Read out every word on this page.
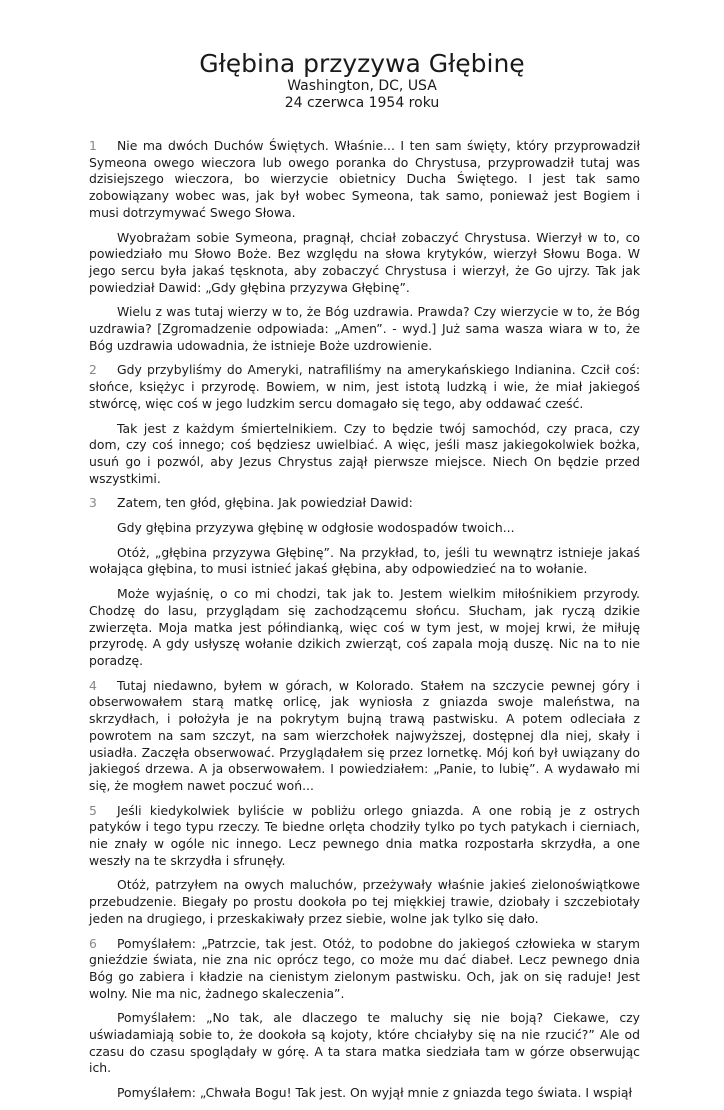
Głębina przyzywa Głębinę
Washington, DC, USA
24 czerwca 1954 roku

1 Nie ma dwóch Duchów Świętych. Właśnie... I ten sam święty, który przyprowadził Symeona owego wieczora lub owego poranka do Chrystusa, przyprowadził tutaj was dzisiejszego wieczora, bo wierzycie obietnicy Ducha Świętego. I jest tak samo zobowiązany wobec was, jak był wobec Symeona, tak samo, ponieważ jest Bogiem i musi dotrzymywać Swego Słowa.

Wyobrażam sobie Symeona, pragnął, chciał zobaczyć Chrystusa. Wierzył w to, co powiedziało mu Słowo Boże. Bez względu na słowa krytyków, wierzył Słowu Boga. W jego sercu była jakaś tęsknota, aby zobaczyć Chrystusa i wierzył, że Go ujrzy. Tak jak powiedział Dawid: „Gdy głębina przyzywa Głębinę”.

Wielu z was tutaj wierzy w to, że Bóg uzdrawia. Prawda? Czy wierzycie w to, że Bóg uzdrawia? [Zgromadzenie odpowiada: „Amen”. - wyd.] Już sama wasza wiara w to, że Bóg uzdrawia udowadnia, że istnieje Boże uzdrowienie.

2 Gdy przybyliśmy do Ameryki, natrafiliśmy na amerykańskiego Indianina. Czcił coś: słońce, księżyc i przyrodę. Bowiem, w nim, jest istotą ludzką i wie, że miał jakiegoś stwórcę, więc coś w jego ludzkim sercu domagało się tego, aby oddawać cześć.

Tak jest z każdym śmiertelnikiem. Czy to będzie twój samochód, czy praca, czy dom, czy coś innego; coś będziesz uwielbiać. A więc, jeśli masz jakiegokolwiek bożka, usuń go i pozwól, aby Jezus Chrystus zajął pierwsze miejsce. Niech On będzie przed wszystkimi.

3 Zatem, ten głód, głębina. Jak powiedział Dawid:

Gdy głębina przyzywa głębinę w odgłosie wodospadów twoich...

Otóż, „głębina przyzywa Głębinę”. Na przykład, to, jeśli tu wewnątrz istnieje jakaś wołająca głębina, to musi istnieć jakaś głębina, aby odpowiedzieć na to wołanie.

Może wyjaśnię, o co mi chodzi, tak jak to. Jestem wielkim miłośnikiem przyrody. Chodzę do lasu, przyglądam się zachodzącemu słońcu. Słucham, jak ryczą dzikie zwierzęta. Moja matka jest półindianką, więc coś w tym jest, w mojej krwi, że miłuję przyrodę. A gdy usłyszę wołanie dzikich zwierząt, coś zapala moją duszę. Nic na to nie poradzę.

4 Tutaj niedawno, byłem w górach, w Kolorado. Stałem na szczycie pewnej góry i obserwowałem starą matkę orlicę, jak wyniosła z gniazda swoje maleństwa, na skrzydłach, i położyła je na pokrytym bujną trawą pastwisku. A potem odleciała z powrotem na sam szczyt, na sam wierzchołek najwyższej, dostępnej dla niej, skały i usiadła. Zaczęła obserwować. Przyglądałem się przez lornetkę. Mój koń był uwiązany do jakiegoś drzewa. A ja obserwowałem. I powiedziałem: „Panie, to lubię”. A wydawało mi się, że mogłem nawet poczuć woń...

5 Jeśli kiedykolwiek byliście w pobliżu orlego gniazda. A one robią je z ostrych patyków i tego typu rzeczy. Te biedne orlęta chodziły tylko po tych patykach i cierniach, nie znały w ogóle nic innego. Lecz pewnego dnia matka rozpostarła skrzydła, a one weszły na te skrzydła i sfrunęły.

Otóż, patrzyłem na owych maluchów, przeżywały właśnie jakieś zielonoświątkowe przebudzenie. Biegały po prostu dookoła po tej miękkiej trawie, dziobały i szczebiotały jeden na drugiego, i przeskakiwały przez siebie, wolne jak tylko się dało.

6 Pomyślałem: „Patrzcie, tak jest. Otóż, to podobne do jakiegoś człowieka w starym gnieździe świata, nie zna nic oprócz tego, co może mu dać diabeł. Lecz pewnego dnia Bóg go zabiera i kładzie na cienistym zielonym pastwisku. Och, jak on się raduje! Jest wolny. Nie ma nic, żadnego skaleczenia”.

Pomyślałem: „No tak, ale dlaczego te maluchy się nie boją? Ciekawe, czy uświadamiają sobie to, że dookoła są kojoty, które chciałyby się na nie rzucić?” Ale od czasu do czasu spoglądały w górę. A ta stara matka siedziała tam w górze obserwując ich.

Pomyślałem: „Chwała Bogu! Tak jest. On wyjął mnie z gniazda tego świata. I wspiął
